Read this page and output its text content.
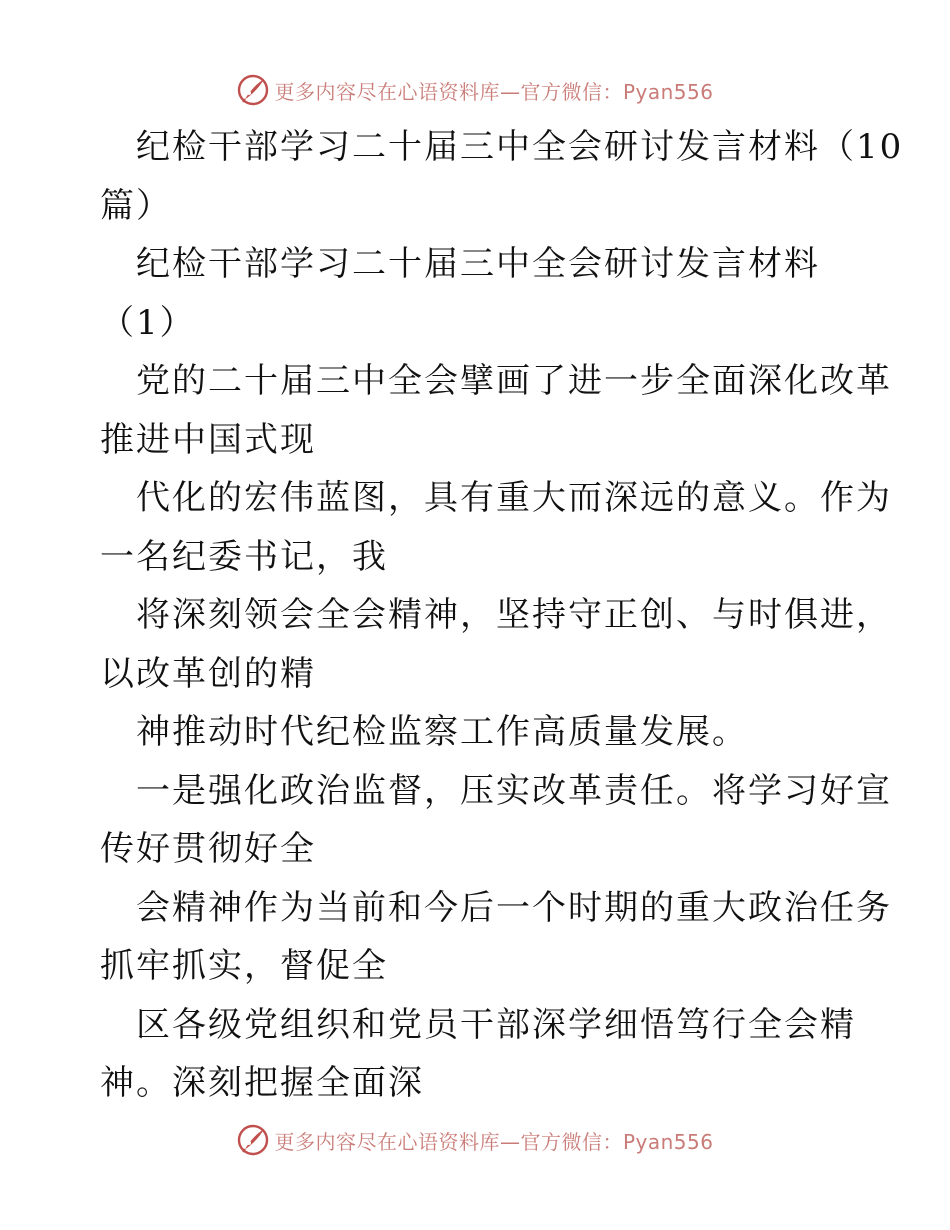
更多内容尽在心语资料库—官方微信：Pyan556
纪检干部学习二十届三中全会研讨发言材料（10
篇）
纪检干部学习二十届三中全会研讨发言材料
（1）
党的二十届三中全会擘画了进一步全面深化改革
推进中国式现
代化的宏伟蓝图，具有重大而深远的意义。作为
一名纪委书记，我
将深刻领会全会精神，坚持守正创、与时俱进，
以改革创的精
神推动时代纪检监察工作高质量发展。
一是强化政治监督，压实改革责任。将学习好宣
传好贯彻好全
会精神作为当前和今后一个时期的重大政治任务
抓牢抓实，督促全
区各级党组织和党员干部深学细悟笃行全会精
神。深刻把握全面深
更多内容尽在心语资料库—官方微信：Pyan556
